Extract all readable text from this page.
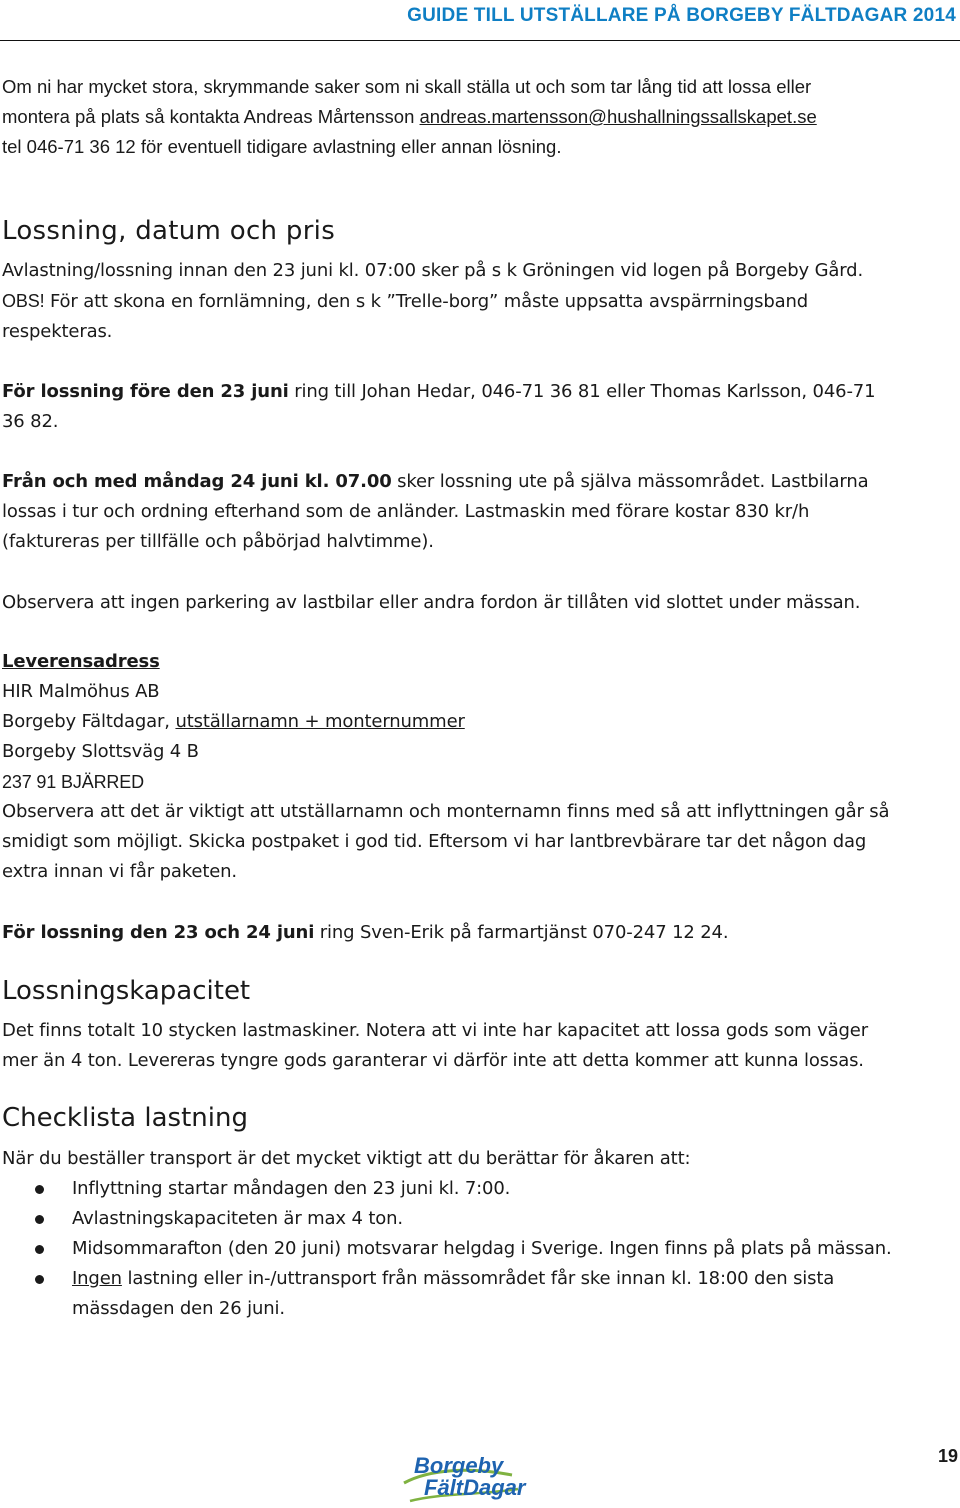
GUIDE TILL UTSTÄLLARE PÅ BORGEBY FÄLTDAGAR 2014
Om ni har mycket stora, skrymmande saker som ni skall ställa ut och som tar lång tid att lossa eller
montera på plats så kontakta Andreas Mårtensson andreas.martensson@hushallningssallskapet.se
tel 046-71 36 12 för eventuell tidigare avlastning eller annan lösning.
Lossning, datum och pris
Avlastning/lossning innan den 23 juni kl. 07:00 sker på s k Gröningen vid logen på Borgeby Gård.
OBS! För att skona en fornlämning, den s k ”Trelle-borg” måste uppsatta avspärrningsband
respekteras.
För lossning före den 23 juni ring till Johan Hedar, 046-71 36 81 eller Thomas Karlsson, 046-71
36 82.
Från och med måndag 24 juni kl. 07.00 sker lossning ute på själva mässområdet. Lastbilarna
lossas i tur och ordning efterhand som de anländer. Lastmaskin med förare kostar 830 kr/h
(faktureras per tillfälle och påbörjad halvtimme).
Observera att ingen parkering av lastbilar eller andra fordon är tillåten vid slottet under mässan.
Leverensadress
HIR Malmöhus AB
Borgeby Fältdagar, utställarnamn + monternummer
Borgeby Slottsväg 4 B
237 91 BJÄRRED
Observera att det är viktigt att utställarnamn och monternamn finns med så att inflyttningen går så
smidigt som möjligt. Skicka postpaket i god tid. Eftersom vi har lantbrevbärare tar det någon dag
extra innan vi får paketen.
För lossning den 23 och 24 juni ring Sven-Erik på farmartjänst 070-247 12 24.
Lossningskapacitet
Det finns totalt 10 stycken lastmaskiner. Notera att vi inte har kapacitet att lossa gods som väger
mer än 4 ton. Levereras tyngre gods garanterar vi därför inte att detta kommer att kunna lossas.
Checklista lastning
När du beställer transport är det mycket viktigt att du berättar för åkaren att:
Inflyttning startar måndagen den 23 juni kl. 7:00.
Avlastningskapaciteten är max 4 ton.
Midsommarafton (den 20 juni) motsvarar helgdag i Sverige. Ingen finns på plats på mässan.
Ingen lastning eller in-/uttransport från mässområdet får ske innan kl. 18:00 den sista
mässdagen den 26 juni.
19
Borgeby
FältDagar
